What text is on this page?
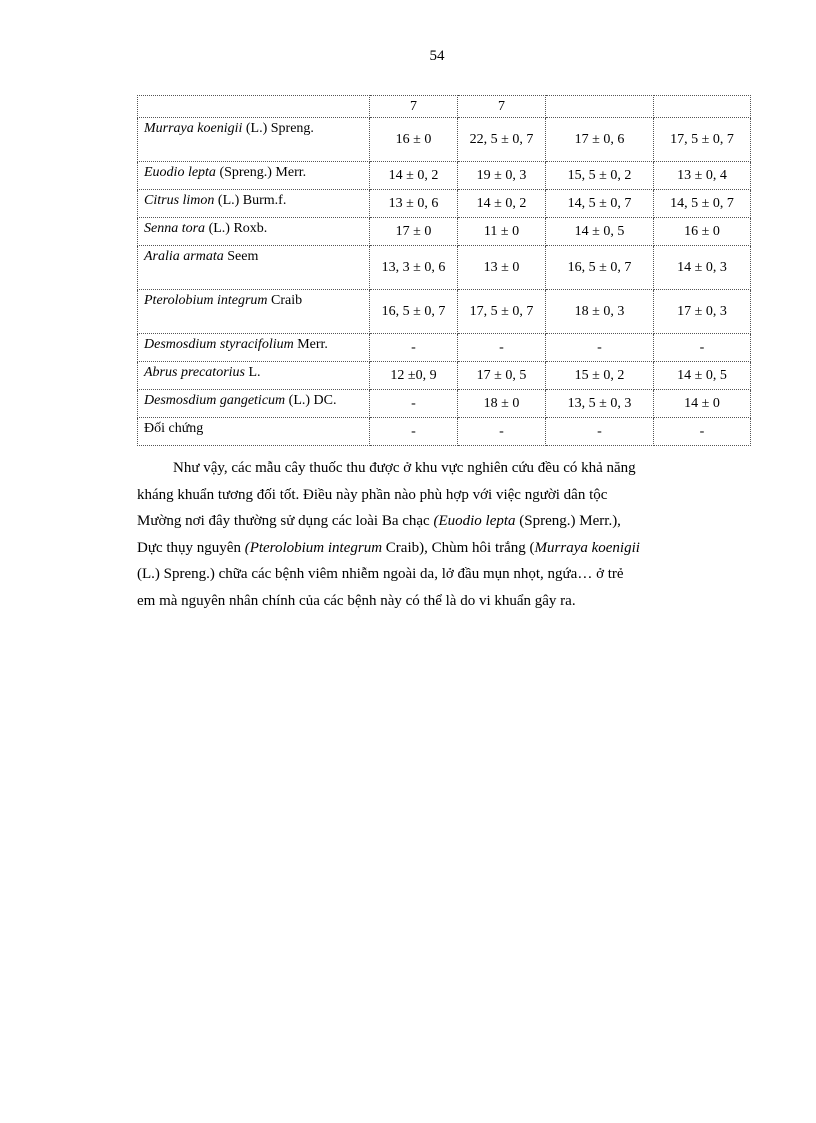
54
	7	7		
Murraya koenigii (L.) Spreng.	16 ± 0	22, 5 ± 0, 7	17 ± 0, 6	17, 5 ± 0, 7
Euodio lepta (Spreng.) Merr.	14 ± 0, 2	19 ± 0, 3	15, 5 ± 0, 2	13 ± 0, 4
Citrus limon (L.) Burm.f.	13 ± 0, 6	14 ± 0, 2	14, 5 ± 0, 7	14, 5 ± 0, 7
Senna tora (L.) Roxb.	17 ± 0	11 ± 0	14 ± 0, 5	16 ± 0
Aralia armata Seem	13, 3 ± 0, 6	13 ± 0	16, 5 ± 0, 7	14 ± 0, 3
Pterolobium integrum Craib	16, 5 ± 0, 7	17, 5 ± 0, 7	18 ± 0, 3	17 ± 0, 3
Desmosdium styracifolium Merr.	-	-	-	-
Abrus precatorius L.	12 ±0, 9	17 ± 0, 5	15 ± 0, 2	14 ± 0, 5
Desmosdium gangeticum (L.) DC.	-	18 ± 0	13, 5 ± 0, 3	14 ± 0
Đối chứng	-	-	-	-
Như vậy, các mẫu cây thuốc thu được ở khu vực nghiên cứu đều có khả năng
kháng khuẩn tương đối tốt. Điều này phần nào phù hợp với việc người dân tộc
Mường nơi đây thường sử dụng các loài Ba chạc (Euodio lepta (Spreng.) Merr.),
Dực thụy nguyên (Pterolobium integrum Craib), Chùm hôi trắng (Murraya koenigii
(L.) Spreng.) chữa các bệnh viêm nhiễm ngoài da, lở đầu mụn nhọt, ngứa… ở trẻ
em mà nguyên nhân chính của các bệnh này có thể là do vi khuẩn gây ra.
